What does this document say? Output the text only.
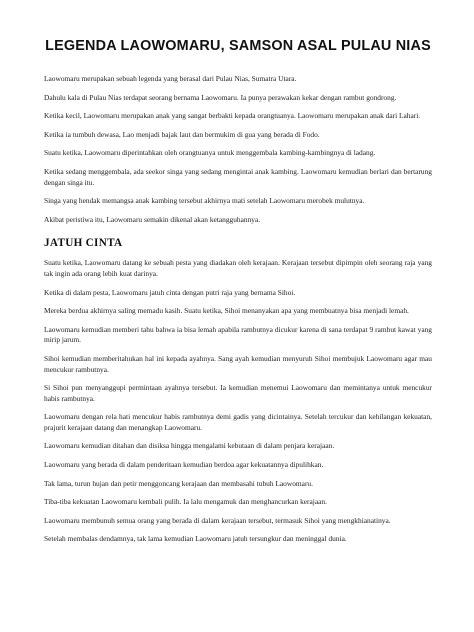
LEGENDA LAOWOMARU, SAMSON ASAL PULAU NIAS

Laowomaru merupakan sebuah legenda yang berasal dari Pulau Nias, Sumatra Utara.

Dahulu kala di Pulau Nias terdapat seorang bernama Laowomaru. Ia punya perawakan kekar dengan rambut gondrong.

Ketika kecil, Laowomaru merupakan anak yang sangat berbakti kepada orangtuanya. Laowomaru merupakan anak dari Lahari.

Ketika ia tumbuh dewasa, Lao menjadi bajak laut dan bermukim di gua yang berada di Fodo.

Suatu ketika, Laowomaru diperintahkan oleh orangtuanya untuk menggembala kambing-kambingnya di ladang.

Ketika sedang menggembala, ada seekor singa yang sedang mengintai anak kambing. Laowomaru kemudian berlari dan bertarung dengan singa itu.

Singa yang hendak memangsa anak kambing tersebut akhirnya mati setelah Laowomaru merobek mulutnya.

Akibat peristiwa itu, Laowomaru semakin dikenal akan ketangguhannya.

JATUH CINTA

Suatu ketika, Laowomaru datang ke sebuah pesta yang diadakan oleh kerajaan. Kerajaan tersebut dipimpin oleh seorang raja yang tak ingin ada orang lebih kuat darinya.

Ketika di dalam pesta, Laowomaru jatuh cinta dengan putri raja yang bernama Sihoi.

Mereka berdua akhirnya saling memadu kasih. Suatu ketika, Sihoi menanyakan apa yang membuatnya bisa menjadi lemah.

Laowomaru kemudian memberi tahu bahwa ia bisa lemah apabila rambutnya dicukur karena di sana terdapat 9 rambut kawat yang mirip jarum.

Sihoi kemudian memberitahukan hal ini kepada ayahnya. Sang ayah kemudian menyuruh Sihoi membujuk Laowomaru agar mau mencukur rambutnya.

Si Sihoi pun menyanggupi permintaan ayahnya tersebut. Ia kemudian menemui Laowomaru dan memintanya untuk mencukur habis rambutnya.

Laowomaru dengan rela hati mencukur habis rambutnya demi gadis yang dicintainya. Setelah tercukur dan kehilangan kekuatan, prajurit kerajaan datang dan menangkap Laowomaru.

Laowomaru kemudian ditahan dan disiksa hingga mengalami kebutaan di dalam penjara kerajaan.

Laowomaru yang berada di dalam penderitaan kemudian berdoa agar kekuatannya dipulihkan.

Tak lama, turun hujan dan petir menggoncang kerajaan dan membasahi tubuh Laowomaru.

Tiba-tiba kekuatan Laowomaru kembali pulih. Ia lalu mengamuk dan menghancurkan kerajaan.

Laowomaru membunuh semua orang yang berada di dalam kerajaan tersebut, termasuk Sihoi yang mengkhianatinya.

Setelah membalas dendamnya, tak lama kemudian Laowomaru jatuh tersungkur dan meninggal dunia.
